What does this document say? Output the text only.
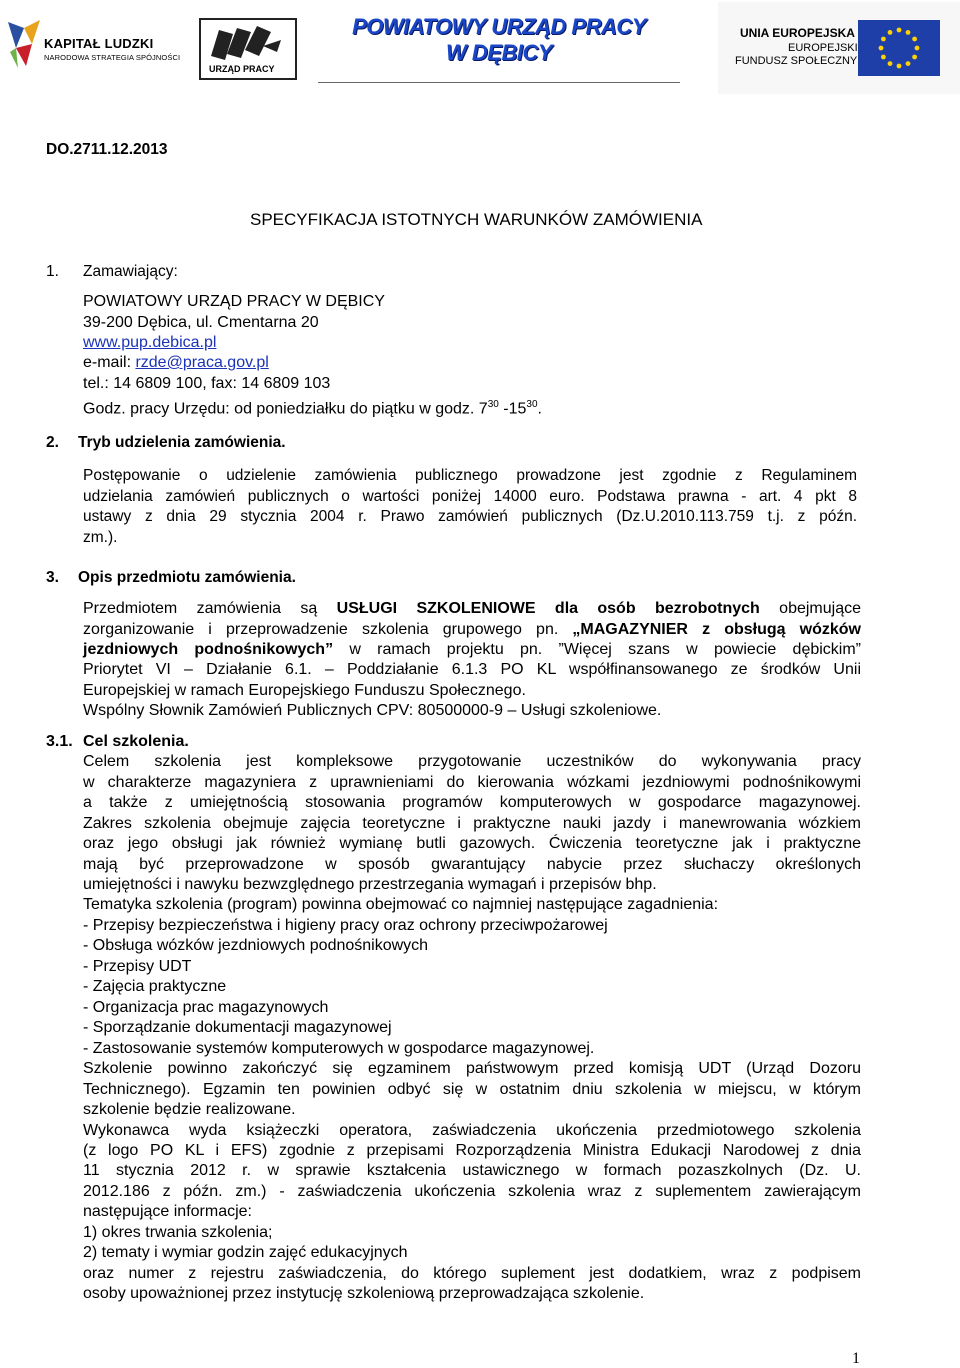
KAPITAŁ LUDZKI
NARODOWA STRATEGIA SPÓJNOŚCI
URZĄD PRACY
POWIATOWY URZĄD PRACY
W DĘBICY
UNIA EUROPEJSKA
EUROPEJSKI
FUNDUSZ SPOŁECZNY
DO.2711.12.2013
SPECYFIKACJA ISTOTNYCH WARUNKÓW ZAMÓWIENIA
1. Zamawiający:
POWIATOWY URZĄD PRACY W DĘBICY
39-200 Dębica, ul. Cmentarna 20
www.pup.debica.pl
e-mail: rzde@praca.gov.pl
tel.: 14 6809 100, fax: 14 6809 103
Godz. pracy Urzędu: od poniedziałku do piątku w godz. $7^{30}$ $-15^{30}$.
2. Tryb udzielenia zamówienia.
Postępowanie o udzielenie zamówienia publicznego prowadzone jest zgodnie z Regulaminem
udzielania zamówień publicznych o wartości poniżej 14000 euro. Podstawa prawna - art. 4 pkt 8
ustawy z dnia 29 stycznia 2004 r. Prawo zamówień publicznych (Dz.U.2010.113.759 t.j. z późn.
zm.).
3. Opis przedmiotu zamówienia.
Przedmiotem zamówienia są USŁUGI SZKOLENIOWE dla osób bezrobotnych obejmujące
zorganizowanie i przeprowadzenie szkolenia grupowego pn. „MAGAZYNIER z obsługą wózków
jezdniowych podnośnikowych” w ramach projektu pn. ”Więcej szans w powiecie dębickim”
Priorytet VI – Działanie 6.1. – Poddziałanie 6.1.3 PO KL współfinansowanego ze środków Unii
Europejskiej w ramach Europejskiego Funduszu Społecznego.
Wspólny Słownik Zamówień Publicznych CPV: 80500000-9 – Usługi szkoleniowe.
3.1. Cel szkolenia.
Celem szkolenia jest kompleksowe przygotowanie uczestników do wykonywania pracy
w charakterze magazyniera z uprawnieniami do kierowania wózkami jezdniowymi podnośnikowymi
a także z umiejętnością stosowania programów komputerowych w gospodarce magazynowej.
Zakres szkolenia obejmuje zajęcia teoretyczne i praktyczne nauki jazdy i manewrowania wózkiem
oraz jego obsługi jak również wymianę butli gazowych. Ćwiczenia teoretyczne jak i praktyczne
mają być przeprowadzone w sposób gwarantujący nabycie przez słuchaczy określonych
umiejętności i nawyku bezwzględnego przestrzegania wymagań i przepisów bhp.
Tematyka szkolenia (program) powinna obejmować co najmniej następujące zagadnienia:
- Przepisy bezpieczeństwa i higieny pracy oraz ochrony przeciwpożarowej
- Obsługa wózków jezdniowych podnośnikowych
- Przepisy UDT
- Zajęcia praktyczne
- Organizacja prac magazynowych
- Sporządzanie dokumentacji magazynowej
- Zastosowanie systemów komputerowych w gospodarce magazynowej.
Szkolenie powinno zakończyć się egzaminem państwowym przed komisją UDT (Urząd Dozoru
Technicznego). Egzamin ten powinien odbyć się w ostatnim dniu szkolenia w miejscu, w którym
szkolenie będzie realizowane.
Wykonawca wyda książeczki operatora, zaświadczenia ukończenia przedmiotowego szkolenia
(z logo PO KL i EFS) zgodnie z przepisami Rozporządzenia Ministra Edukacji Narodowej z dnia
11 stycznia 2012 r. w sprawie kształcenia ustawicznego w formach pozaszkolnych (Dz. U.
2012.186 z późn. zm.) - zaświadczenia ukończenia szkolenia wraz z suplementem zawierającym
następujące informacje:
1) okres trwania szkolenia;
2) tematy i wymiar godzin zajęć edukacyjnych
oraz numer z rejestru zaświadczenia, do którego suplement jest dodatkiem, wraz z podpisem
osoby upoważnionej przez instytucję szkoleniową przeprowadzająca szkolenie.
1
